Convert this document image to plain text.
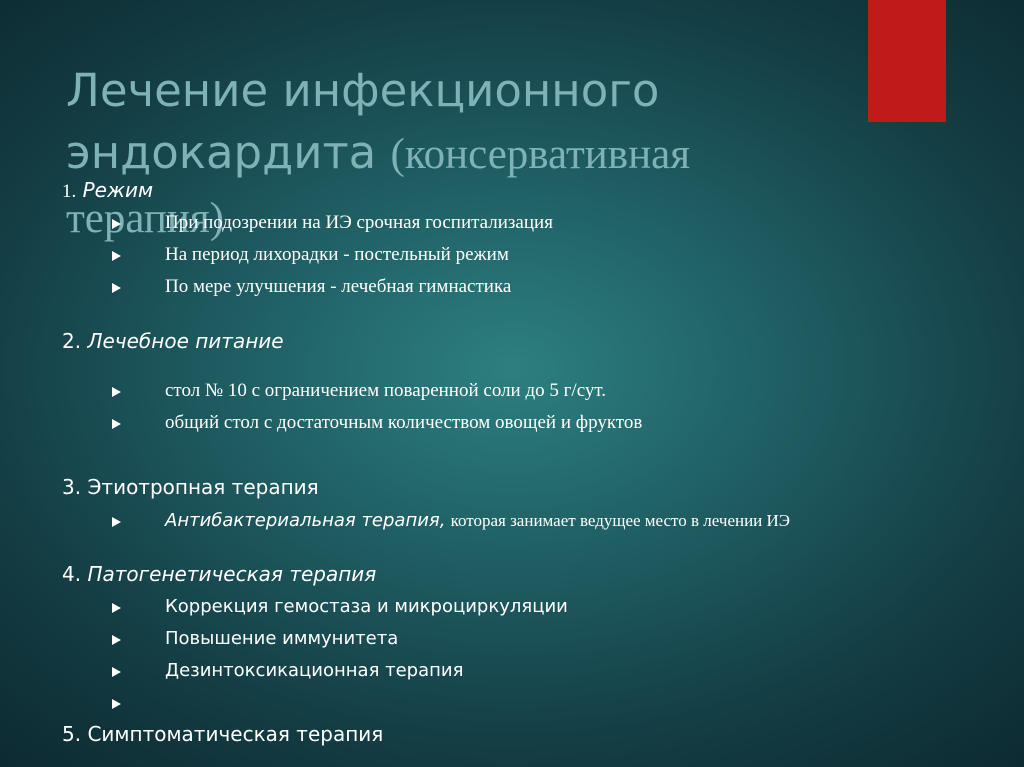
Лечение инфекционного
эндокардита (консервативная терапия)
1. Режим
При подозрении на ИЭ срочная госпитализация
На период лихорадки - постельный режим
По мере улучшения - лечебная гимнастика
2. Лечебное питание
стол № 10 с ограничением поваренной соли до 5 г/сут.
общий стол с достаточным количеством овощей и фруктов
3. Этиотропная терапия
Антибактериальная терапия, которая занимает ведущее место в лечении ИЭ
4. Патогенетическая терапия
Коррекция гемостаза и микроциркуляции
Повышение иммунитета
Дезинтоксикационная терапия
5. Симптоматическая терапия
